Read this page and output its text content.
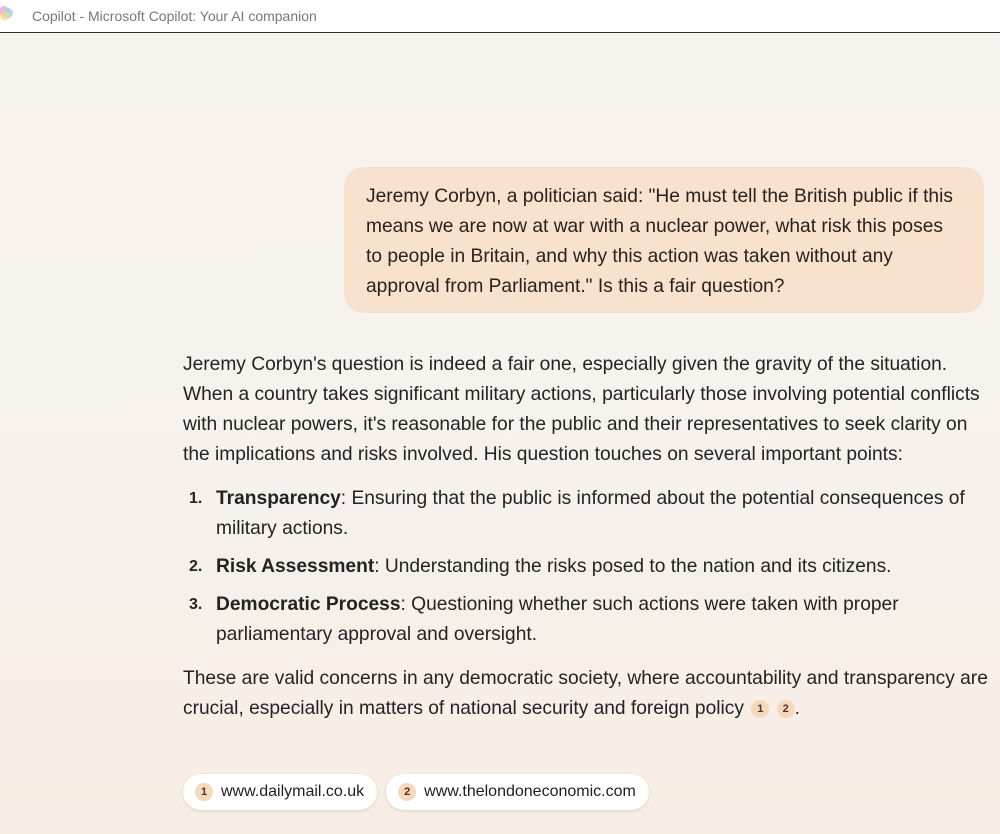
Copilot - Microsoft Copilot: Your AI companion
Jeremy Corbyn, a politician said: "He must tell the British public if this means we are now at war with a nuclear power, what risk this poses to people in Britain, and why this action was taken without any approval from Parliament." Is this a fair question?

Jeremy Corbyn's question is indeed a fair one, especially given the gravity of the situation. When a country takes significant military actions, particularly those involving potential conflicts with nuclear powers, it's reasonable for the public and their representatives to seek clarity on the implications and risks involved. His question touches on several important points:

1. Transparency: Ensuring that the public is informed about the potential consequences of military actions.
2. Risk Assessment: Understanding the risks posed to the nation and its citizens.
3. Democratic Process: Questioning whether such actions were taken with proper parliamentary approval and oversight.

These are valid concerns in any democratic society, where accountability and transparency are crucial, especially in matters of national security and foreign policy 1 2 .

1 www.dailymail.co.uk	2 www.thelondoneconomic.com
